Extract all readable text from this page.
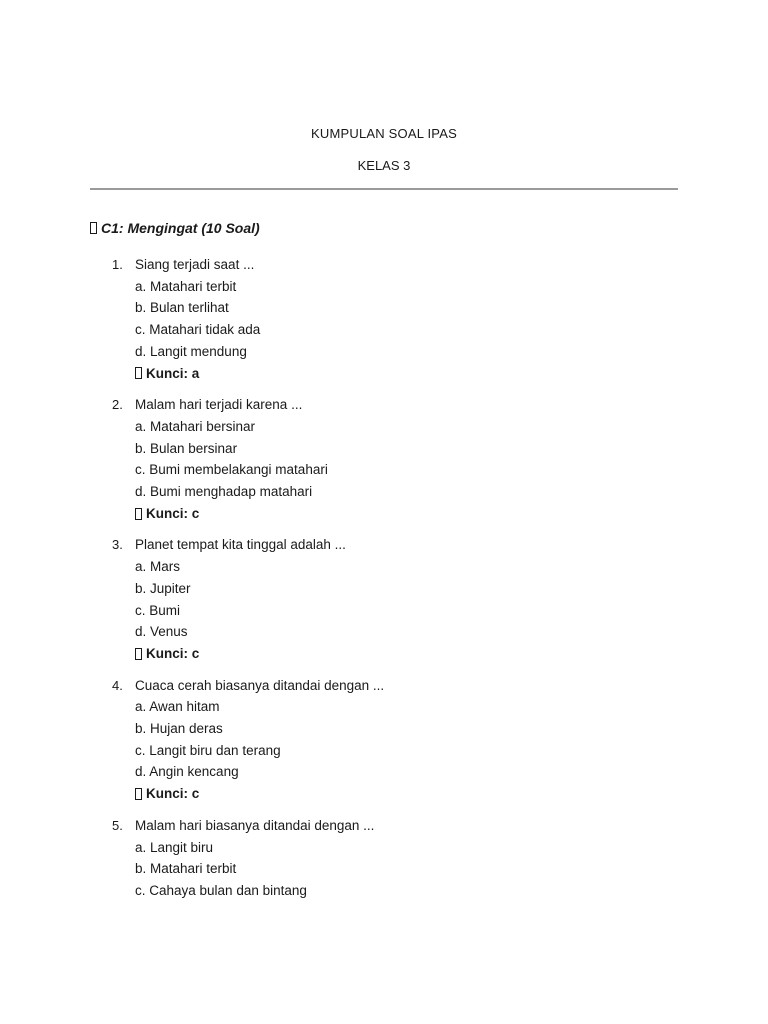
KUMPULAN SOAL IPAS
KELAS 3
C1: Mengingat (10 Soal)
1. Siang terjadi saat ...
a. Matahari terbit
b. Bulan terlihat
c. Matahari tidak ada
d. Langit mendung
Kunci: a
2. Malam hari terjadi karena ...
a. Matahari bersinar
b. Bulan bersinar
c. Bumi membelakangi matahari
d. Bumi menghadap matahari
Kunci: c
3. Planet tempat kita tinggal adalah ...
a. Mars
b. Jupiter
c. Bumi
d. Venus
Kunci: c
4. Cuaca cerah biasanya ditandai dengan ...
a. Awan hitam
b. Hujan deras
c. Langit biru dan terang
d. Angin kencang
Kunci: c
5. Malam hari biasanya ditandai dengan ...
a. Langit biru
b. Matahari terbit
c. Cahaya bulan dan bintang
